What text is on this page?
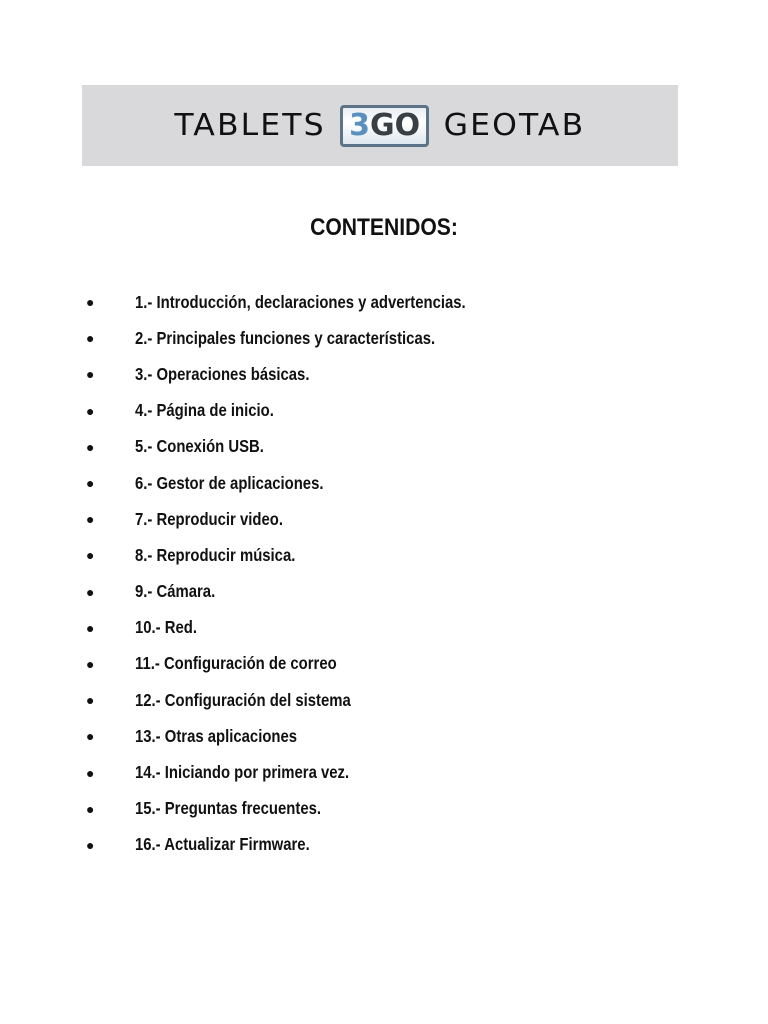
TABLETS 3GO GEOTAB
CONTENIDOS:
●	1.- Introducción, declaraciones y advertencias.
●	2.- Principales funciones y características.
●	3.- Operaciones básicas.
●	4.- Página de inicio.
●	5.- Conexión USB.
●	6.- Gestor de aplicaciones.
●	7.- Reproducir video.
●	8.- Reproducir música.
●	9.- Cámara.
●	10.- Red.
●	11.- Configuración de correo
●	12.- Configuración del sistema
●	13.- Otras aplicaciones
●	14.- Iniciando por primera vez.
●	15.- Preguntas frecuentes.
●	16.- Actualizar Firmware.
